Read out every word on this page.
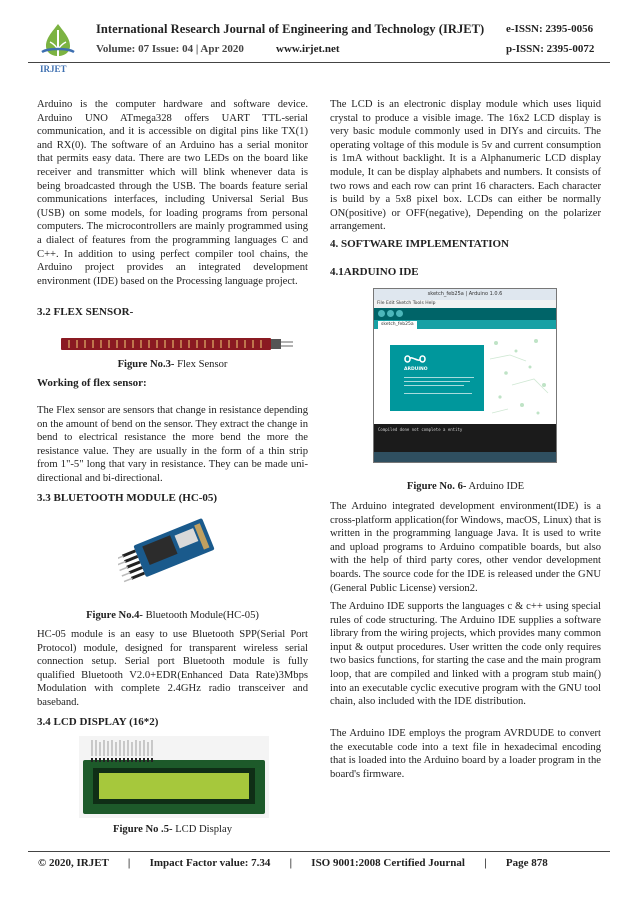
IRJET
International Research Journal of Engineering and Technology (IRJET) e-ISSN: 2395-0056
Volume: 07 Issue: 04 | Apr 2020	www.irjet.net	p-ISSN: 2395-0072
Arduino is the computer hardware and software device. Arduino UNO ATmega328 offers UART TTL-serial communication, and it is accessible on digital pins like TX(1) and RX(0). The software of an Arduino has a serial monitor that permits easy data. There are two LEDs on the board like receiver and transmitter which will blink whenever data is being broadcasted through the USB. The boards feature serial communications interfaces, including Universal Serial Bus (USB) on some models, for loading programs from personal computers. The microcontrollers are mainly programmed using a dialect of features from the programming languages C and C++. In addition to using perfect compiler tool chains, the Arduino project provides an integrated development environment (IDE) based on the Processing language project.
3.2 FLEX SENSOR-
Figure No.3- Flex Sensor
Working of flex sensor:
The Flex sensor are sensors that change in resistance depending on the amount of bend on the sensor. They extract the change in bend to electrical resistance the more bend the more the resistance value. They are usually in the form of a thin strip from 1"-5" long that vary in resistance. They can be made uni-directional and bi-directional.
3.3 BLUETOOTH MODULE (HC-05)
Figure No.4- Bluetooth Module(HC-05)
HC-05 module is an easy to use Bluetooth SPP(Serial Port Protocol) module, designed for transparent wireless serial connection setup. Serial port Bluetooth module is fully qualified Bluetooth V2.0+EDR(Enhanced Data Rate)3Mbps Modulation with complete 2.4GHz radio transceiver and baseband.
3.4 LCD DISPLAY (16*2)
Figure No .5- LCD Display
The LCD is an electronic display module which uses liquid crystal to produce a visible image. The 16x2 LCD display is very basic module commonly used in DIYs and circuits. The operating voltage of this module is 5v and current consumption is 1mA without backlight. It is a Alphanumeric LCD display module, It can be display alphabets and numbers. It consists of two rows and each row can print 16 characters. Each character is build by a 5x8 pixel box. LCDs can either be normally ON(positive) or OFF(negative), Depending on the polarizer arrangement.
4. SOFTWARE IMPLEMENTATION
4.1ARDUINO IDE
sketch_feb25a | Arduino 1.0.6
File Edit Sketch Tools Help
sketch_feb25a
ARDUINO
Compiled done not complete a entity
Figure No. 6- Arduino IDE
The Arduino integrated development environment(IDE) is a cross-platform application(for Windows, macOS, Linux) that is written in the programming language Java. It is used to write and upload programs to Arduino compatible boards, but also with the help of third party cores, other vendor development boards. The source code for the IDE is released under the GNU (General Public License) version2.
The Arduino IDE supports the languages c & c++ using special rules of code structuring. The Arduino IDE supplies a software library from the wiring projects, which provides many common input & output procedures. User written the code only requires two basics functions, for starting the case and the main program loop, that are compiled and linked with a program stub main() into an executable cyclic executive program with the GNU tool chain, also included with the IDE distribution.
The Arduino IDE employs the program AVRDUDE to convert the executable code into a text file in hexadecimal encoding that is loaded into the Arduino board by a loader program in the board's firmware.
© 2020, IRJET       |       Impact Factor value: 7.34       |       ISO 9001:2008 Certified Journal       |       Page 878
